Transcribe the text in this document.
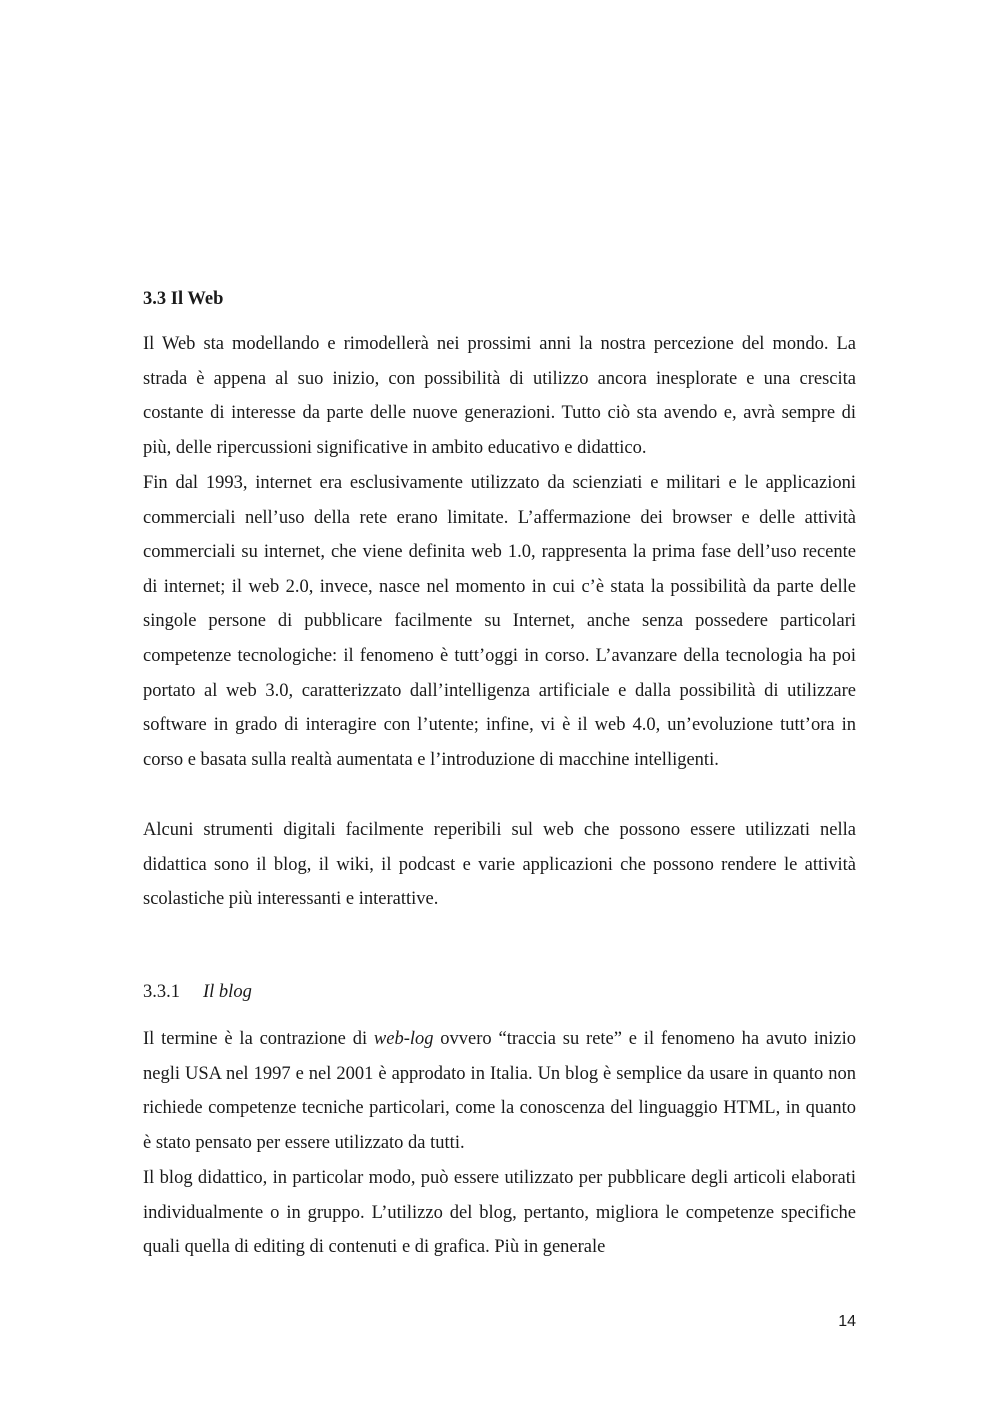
3.3 Il Web

Il Web sta modellando e rimodellerà nei prossimi anni la nostra percezione del mondo. La strada è appena al suo inizio, con possibilità di utilizzo ancora inesplorate e una crescita costante di interesse da parte delle nuove generazioni. Tutto ciò sta avendo e, avrà sempre di più, delle ripercussioni significative in ambito educativo e didattico.

Fin dal 1993, internet era esclusivamente utilizzato da scienziati e militari e le applicazioni commerciali nell’uso della rete erano limitate. L’affermazione dei browser e delle attività commerciali su internet, che viene definita web 1.0, rappresenta la prima fase dell’uso recente di internet; il web 2.0, invece, nasce nel momento in cui c’è stata la possibilità da parte delle singole persone di pubblicare facilmente su Internet, anche senza possedere particolari competenze tecnologiche: il fenomeno è tutt’oggi in corso. L’avanzare della tecnologia ha poi portato al web 3.0, caratterizzato dall’intelligenza artificiale e dalla possibilità di utilizzare software in grado di interagire con l’utente; infine, vi è il web 4.0, un’evoluzione tutt’ora in corso e basata sulla realtà aumentata e l’introduzione di macchine intelligenti.

Alcuni strumenti digitali facilmente reperibili sul web che possono essere utilizzati nella didattica sono il blog, il wiki, il podcast e varie applicazioni che possono rendere le attività scolastiche più interessanti e interattive.

3.3.1 Il blog

Il termine è la contrazione di web-log ovvero “traccia su rete” e il fenomeno ha avuto inizio negli USA nel 1997 e nel 2001 è approdato in Italia. Un blog è semplice da usare in quanto non richiede competenze tecniche particolari, come la conoscenza del linguaggio HTML, in quanto è stato pensato per essere utilizzato da tutti.

Il blog didattico, in particolar modo, può essere utilizzato per pubblicare degli articoli elaborati individualmente o in gruppo. L’utilizzo del blog, pertanto, migliora le competenze specifiche quali quella di editing di contenuti e di grafica. Più in generale

14
